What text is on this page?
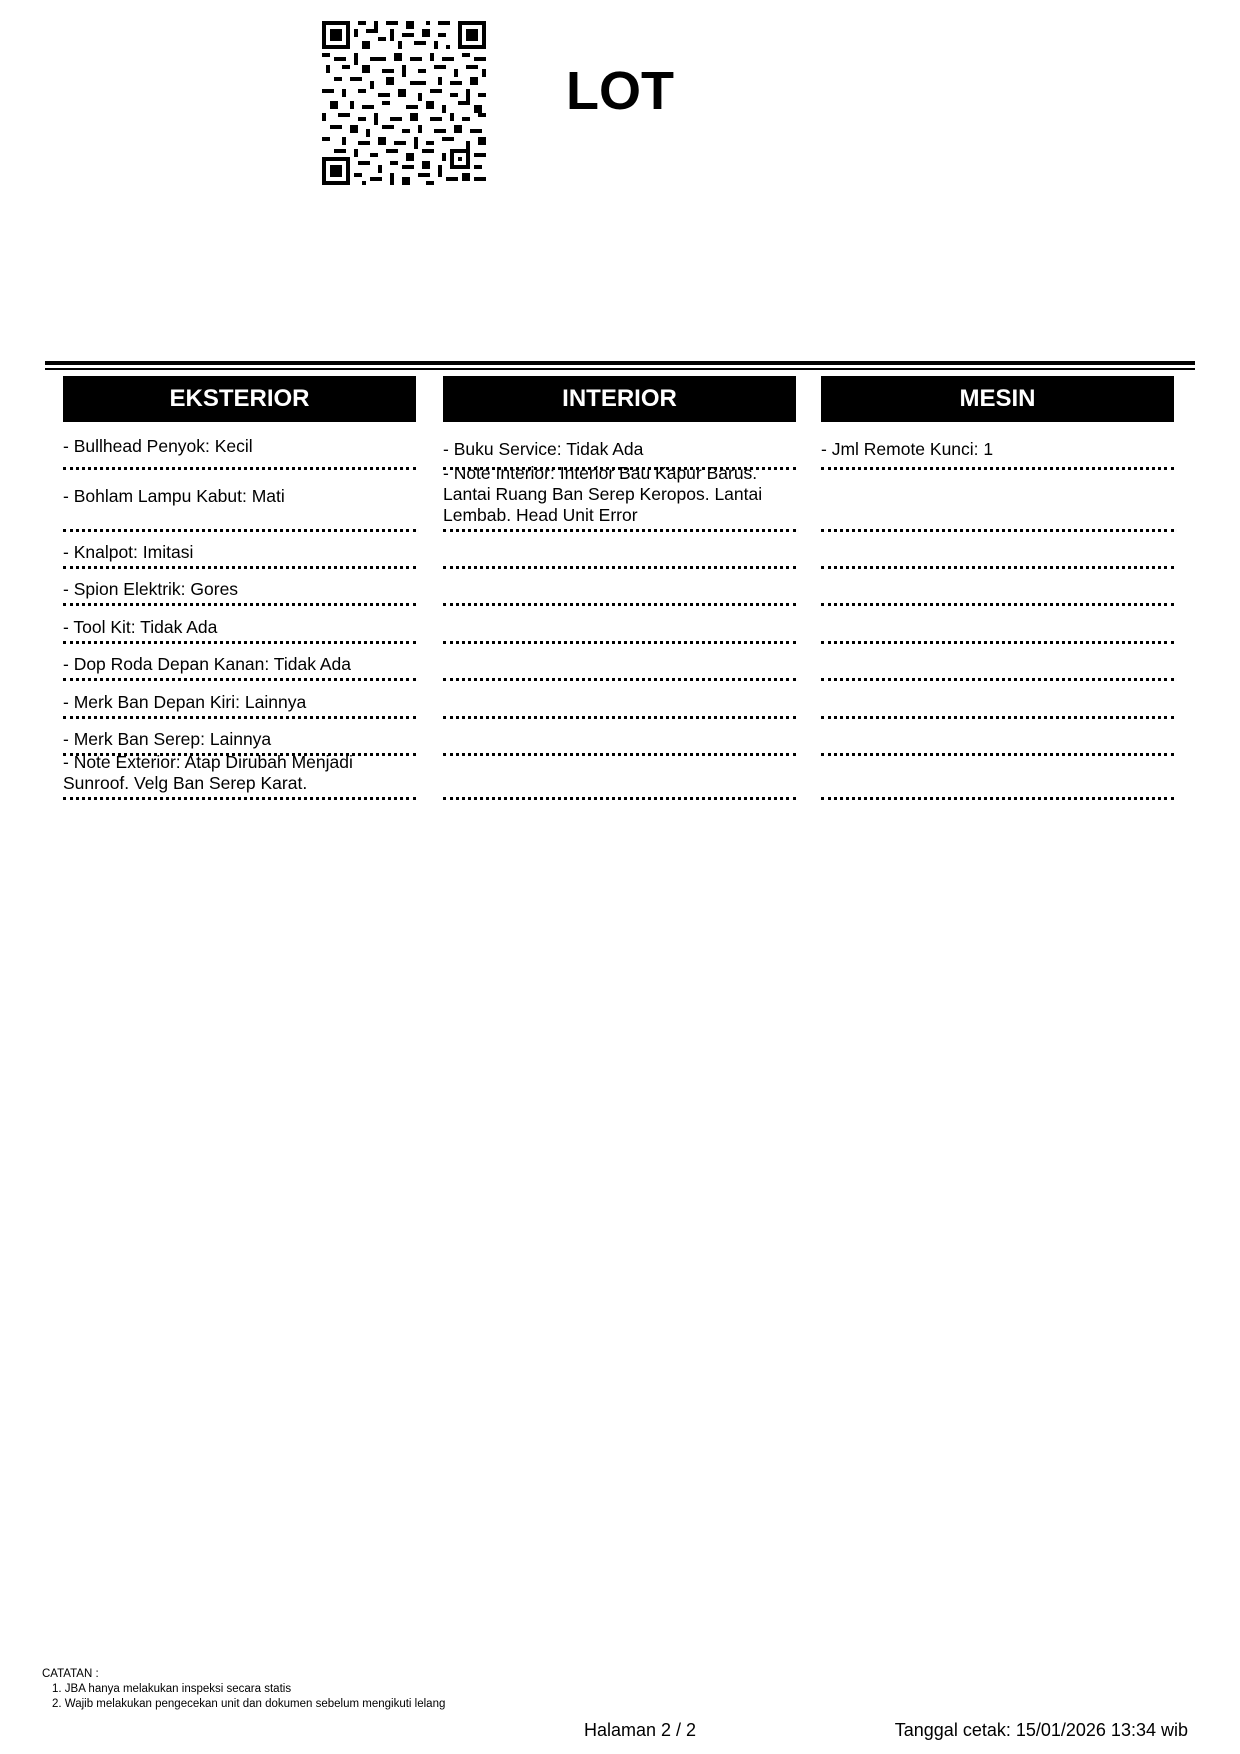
LOT
EKSTERIOR
- Bullhead Penyok: Kecil
- Bohlam Lampu Kabut: Mati
- Knalpot: Imitasi
- Spion Elektrik: Gores
- Tool Kit: Tidak Ada
- Dop Roda Depan Kanan: Tidak Ada
- Merk Ban Depan Kiri: Lainnya
- Merk Ban Serep: Lainnya
- Note Exterior: Atap Dirubah Menjadi Sunroof. Velg Ban Serep Karat.
INTERIOR
- Buku Service: Tidak Ada
- Note Interior: Interior Bau Kapur Barus. Lantai Ruang Ban Serep Keropos. Lantai Lembab. Head Unit Error
MESIN
- Jml Remote Kunci: 1
CATATAN :
1. JBA hanya melakukan inspeksi secara statis
2. Wajib melakukan pengecekan unit dan dokumen sebelum mengikuti lelang
Halaman 2 / 2	Tanggal cetak: 15/01/2026 13:34 wib
